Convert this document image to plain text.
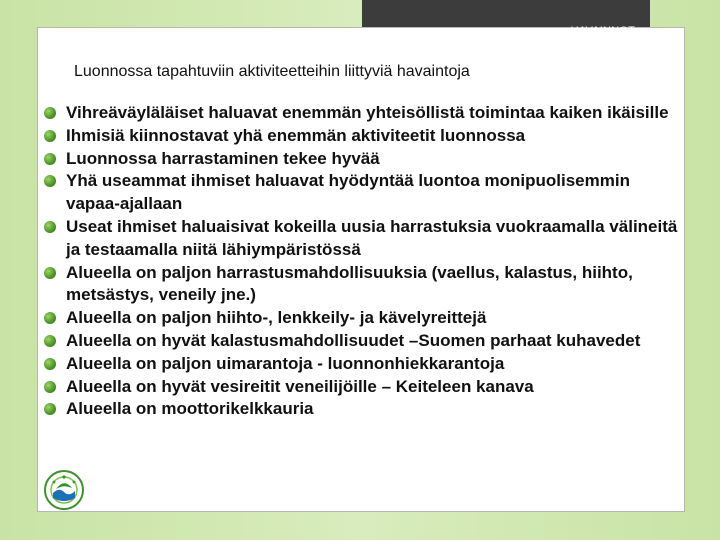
HAVAINNOT
Luonnossa tapahtuviin aktiviteetteihin liittyviä havaintoja
Vihreäväyläläiset haluavat enemmän yhteisöllistä toimintaa kaiken ikäisille
Ihmisiä kiinnostavat yhä enemmän aktiviteetit luonnossa
Luonnossa harrastaminen tekee hyvää
Yhä useammat ihmiset haluavat hyödyntää luontoa monipuolisemmin vapaa-ajallaan
Useat ihmiset haluaisivat kokeilla uusia harrastuksia vuokraamalla välineitä ja testaamalla niitä lähiympäristössä
Alueella on paljon harrastusmahdollisuuksia (vaellus, kalastus, hiihto, metsästys, veneily jne.)
Alueella on paljon hiihto-, lenkkeily- ja kävelyreittejä
Alueella on hyvät kalastusmahdollisuudet –Suomen parhaat kuhavedet
Alueella on paljon uimarantoja - luonnonhiekkarantoja
Alueella on hyvät vesireitit veneilijöille – Keiteleen kanava
Alueella on moottorikelkkauria
